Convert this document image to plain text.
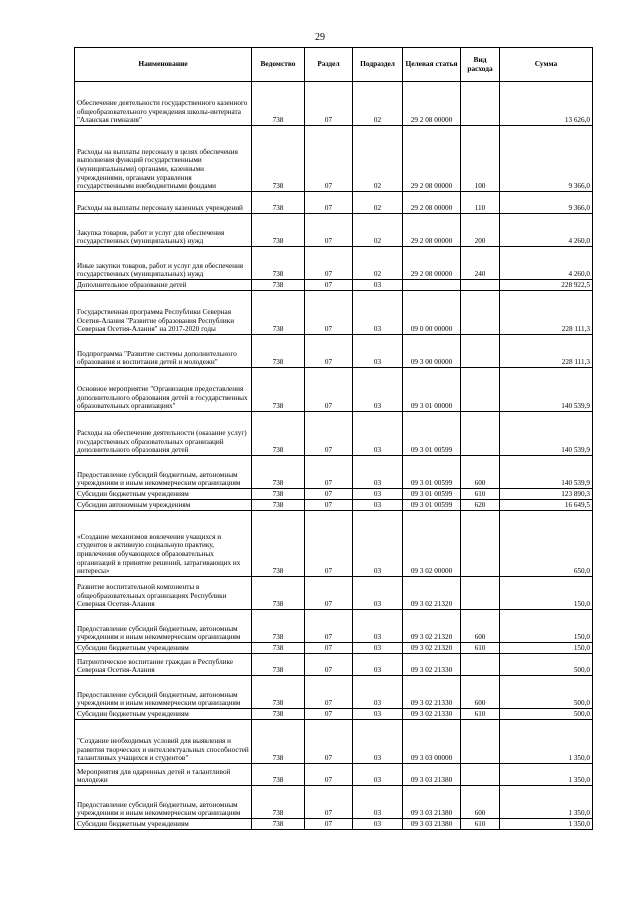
29
Наименование	Ведомство	Раздел	Подраздел	Целевая статья	Вид расхода	Сумма
Обеспечение деятельности государственного казенного общеобразовательного учреждения школы-интерната "Аланская гимназия"	738	07	02	29 2 08 00000		13 626,0
Расходы на выплаты персоналу в целях обеспечения выполнения функций государственными (муниципальными) органами, казенными учреждениями, органами управления государственными внебюджетными фондами	738	07	02	29 2 08 00000	100	9 366,0
Расходы на выплаты персоналу казенных учреждений	738	07	02	29 2 08 00000	110	9 366,0
Закупка товаров, работ и услуг для обеспечения государственных (муниципальных) нужд	738	07	02	29 2 08 00000	200	4 260,0
Иные закупки товаров, работ и услуг для обеспечения государственных (муниципальных) нужд	738	07	02	29 2 08 00000	240	4 260,0
Дополнительное образование детей	738	07	03			228 922,5
Государственная программа Республики Северная Осетия-Алания "Развитие образования Республики Северная Осетия-Алания" на 2017-2020 годы	738	07	03	09 0 00 00000		228 111,3
Подпрограмма "Развитие системы дополнительного образования и воспитания детей и молодежи"	738	07	03	09 3 00 00000		228 111,3
Основное мероприятие "Организация предоставления дополнительного образования детей в государственных образовательных организациях"	738	07	03	09 3 01 00000		140 539,9
Расходы на обеспечение деятельности (оказание услуг) государственных образовательных организаций дополнительного образования детей	738	07	03	09 3 01 00599		140 539,9
Предоставление субсидий бюджетным, автономным учреждениям и иным некоммерческим организациям	738	07	03	09 3 01 00599	600	140 539,9
Субсидии бюджетным учреждениям	738	07	03	09 3 01 00599	610	123 890,3
Субсидии автономным учреждениям	738	07	03	09 3 01 00599	620	16 649,5
«Создание механизмов вовлечения учащихся и студентов в активную социальную практику, привлечения обучающихся образовательных организаций в принятие решений, затрагивающих их интересы»	738	07	03	09 3 02 00000		650,0
Развитие воспитательной компоненты в общеобразовательных организациях Республики Северная Осетия-Алания	738	07	03	09 3 02 21320		150,0
Предоставление субсидий бюджетным, автономным учреждениям и иным некоммерческим организациям	738	07	03	09 3 02 21320	600	150,0
Субсидии бюджетным учреждениям	738	07	03	09 3 02 21320	610	150,0
Патриотическое воспитание граждан в Республике Северная Осетия-Алания	738	07	03	09 3 02 21330		500,0
Предоставление субсидий бюджетным, автономным учреждениям и иным некоммерческим организациям	738	07	03	09 3 02 21330	600	500,0
Субсидии бюджетным учреждениям	738	07	03	09 3 02 21330	610	500,0
"Создание необходимых условий для выявления и развития творческих и интеллектуальных способностей талантливых учащихся и студентов"	738	07	03	09 3 03 00000		1 350,0
Мероприятия для одаренных детей и талантливой молодежи	738	07	03	09 3 03 21380		1 350,0
Предоставление субсидий бюджетным, автономным учреждениям и иным некоммерческим организациям	738	07	03	09 3 03 21380	600	1 350,0
Субсидии бюджетным учреждениям	738	07	03	09 3 03 21380	610	1 350,0
